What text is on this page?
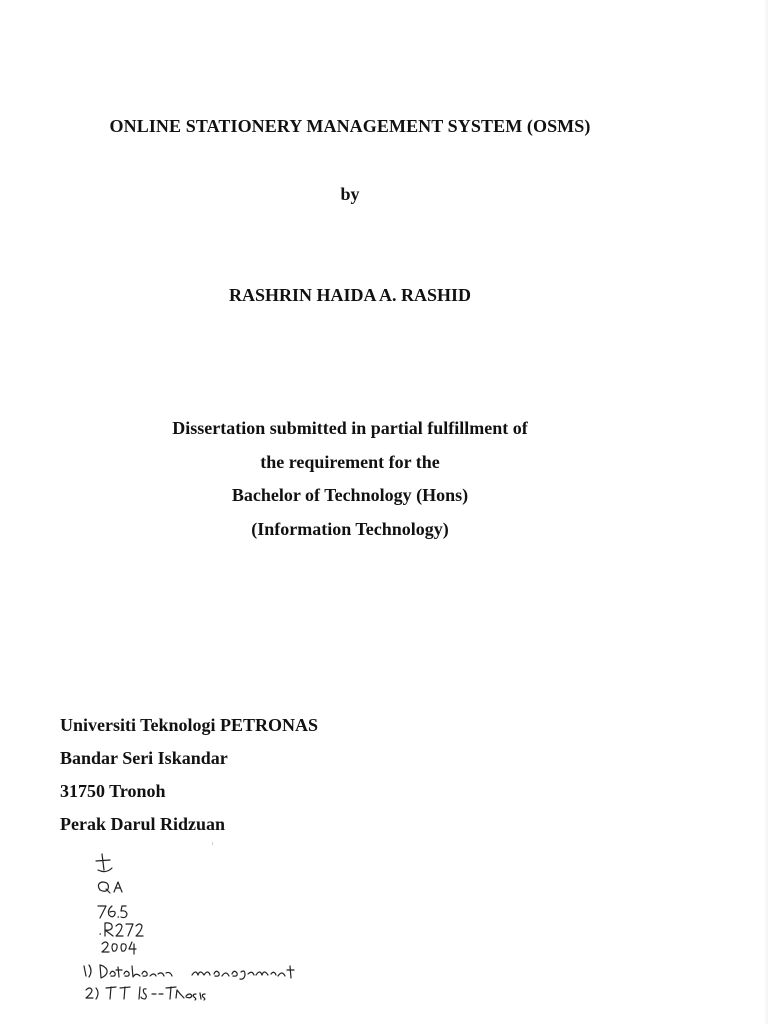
ONLINE STATIONERY MANAGEMENT SYSTEM (OSMS)
by
RASHRIN HAIDA A. RASHID
Dissertation submitted in partial fulfillment of
the requirement for the
Bachelor of Technology (Hons)
(Information Technology)
Universiti Teknologi PETRONAS
Bandar Seri Iskandar
31750 Tronoh
Perak Darul Ridzuan
